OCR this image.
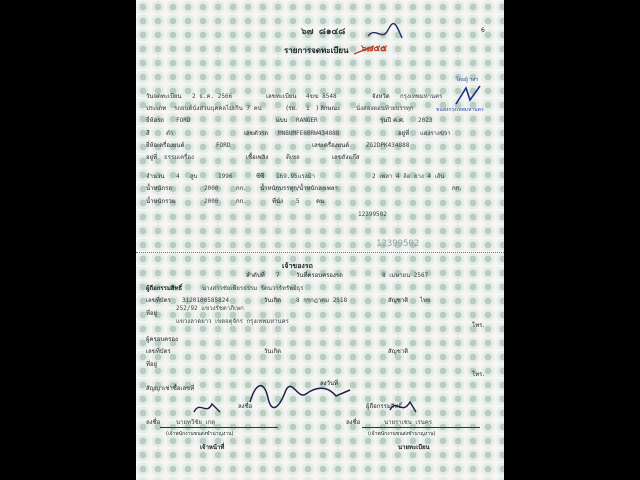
๖๗ ๘๑๔๘	6
รายการจดทะเบียน ๖๗๕๕
โดยผู้ ฯลฯ
ขนส่งกรุงเทพมหานคร
วันจดทะเบียน 2 ธ.ค. 2566	เลขทะเบียน 4ฆฆ 8548	จังหวัด กรุงเทพมหานคร
ประเภท รถยนต์นั่งส่วนบุคคลไม่เกิน 7 คน	(รย. 1 ) ลักษณะ	นั่งสองตอนท้ายบรรทุก
ยี่ห้อรถ FORD	แบบ RANGER	รุ่นปี ค.ศ. 2023
สี	ดำ	เลขตัวรถ MNBUMFE60RW434888	อยู่ที่ แผงรางขวา
ยี่ห้อเครื่องยนต์	FORD	เลขเครื่องยนต์	ZG2DPK434888
อยู่ที่ ธรรมเครื่อง	เชื้อเพลิง	ดีเซล	เลขถังแก๊ส
จำนวน 4 สูบ	1996	ซีซี 169.95แรงม้า	2 เพลา 4 ล้อ ยาง 4 เส้น
น้ำหนักรถ	2000	กก. น้ำหนักบรรทุก/น้ำหนักลงเพลา	กก.
น้ำหนักรวม	2000	กก.	ที่นั่ง 5	คน
12399502
12399502
เจ้าของรถ
ลำดับที่ 7	วันที่ครอบครองรถ	8 เมษายน 2567
ผู้ถือกรรมสิทธิ์	นางสาวชัยเพียรธรรม รัตนวาร์ทรัพย์ธุร
เลขที่บัตร 3120100585824	วันเกิด 8 กรกฎาคม 2518	สัญชาติ ไทย
ที่อยู่
252/92 แขวงรัชดาภิเษก
แขวงลาดยาว เขตจตุจักร กรุงเทพมหานคร
โทร.
ผู้ครอบครอง
เลขที่บัตร	วันเกิด	สัญชาติ
ที่อยู่
โทร.
สัญญาเช่าซื้อเลขที่
ลงวันที่
ลงชื่อ
ลงชื่อ	ผู้ถือกรรมสิทธิ์
ลงชื่อ
นายทวีชัย เกตุ	นายราเชน เรนคร
(เจ้าพนักงานขนส่งชำนาญงาน)	(เจ้าพนักงานขนส่งชำนาญงาน)
เจ้าหน้าที่	นายทะเบียน
